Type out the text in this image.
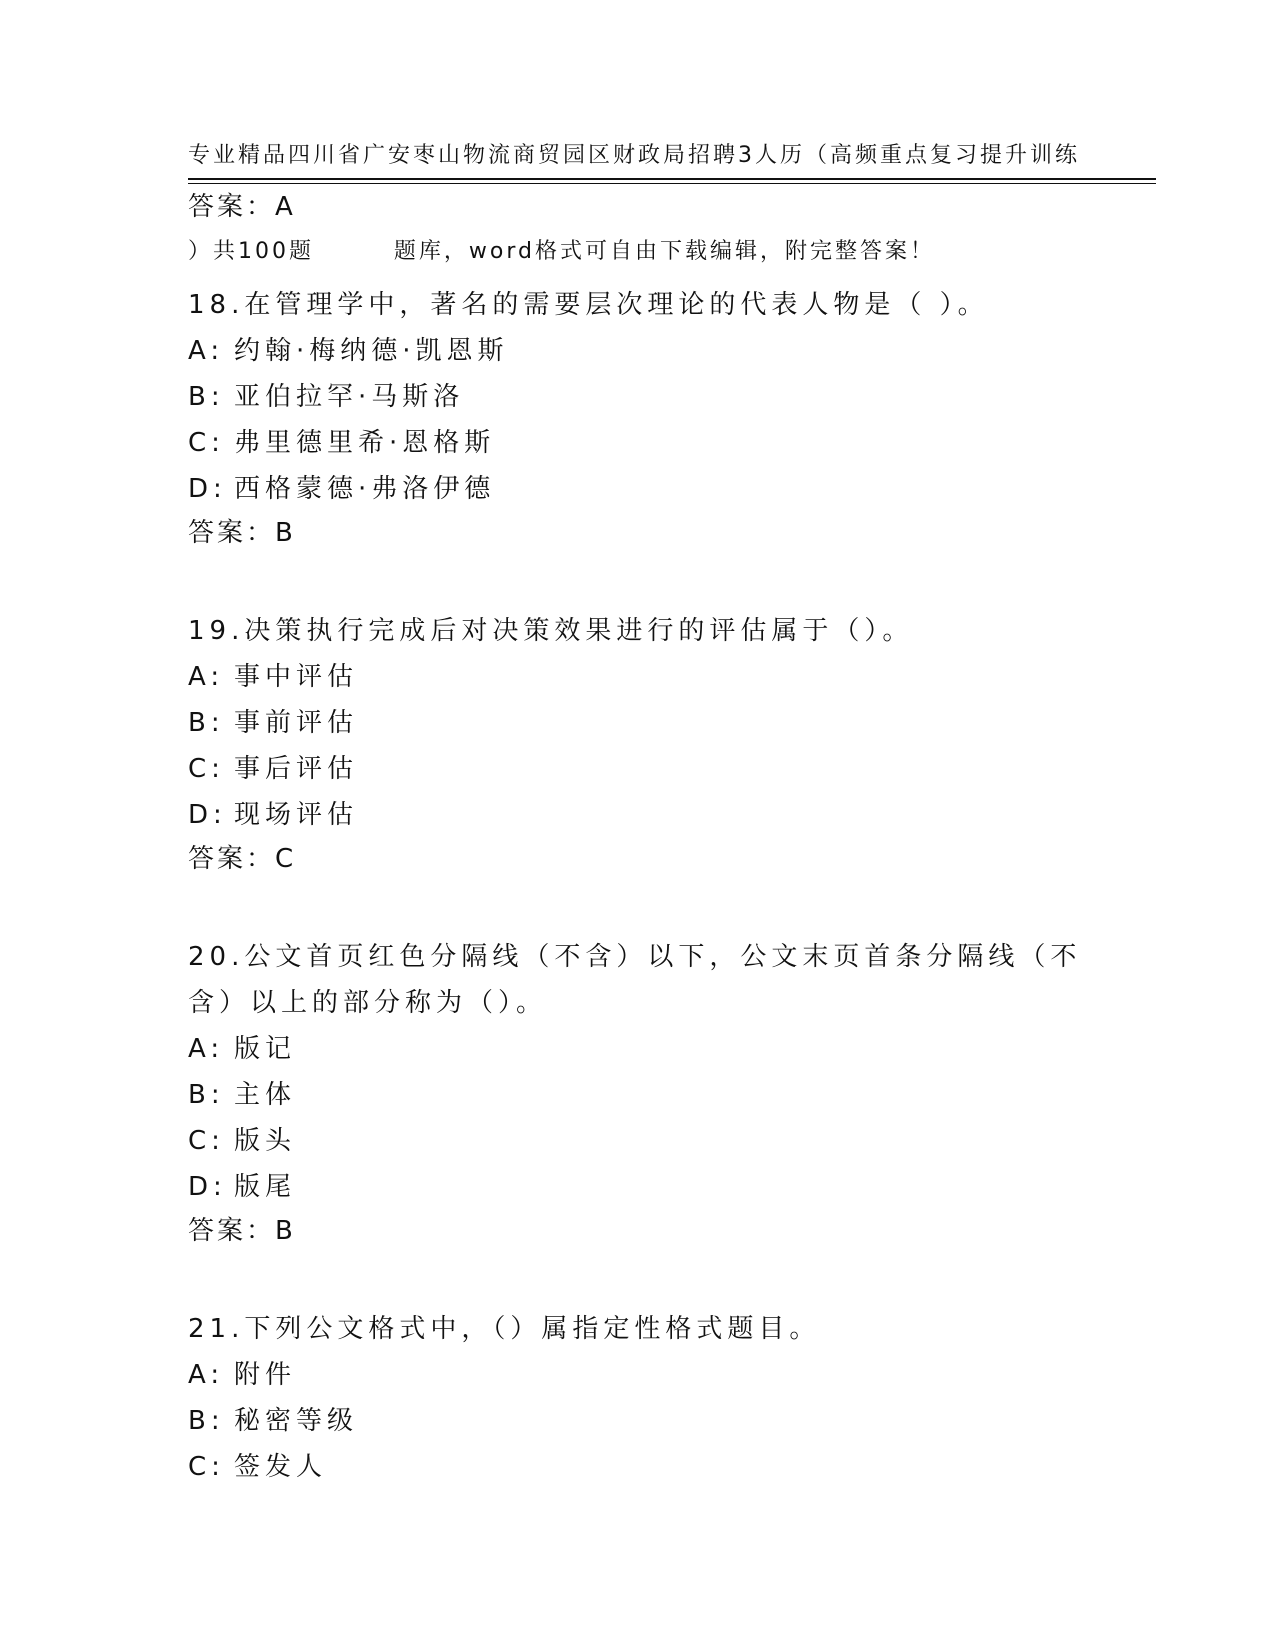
专业精品四川省广安枣山物流商贸园区财政局招聘3人历（高频重点复习提升训练

）共100题        题库，word格式可自由下载编辑，附完整答案！

答案：A
18.在管理学中，著名的需要层次理论的代表人物是（ ）。
A: 约翰·梅纳德·凯恩斯
B: 亚伯拉罕·马斯洛
C: 弗里德里希·恩格斯
D: 西格蒙德·弗洛伊德
答案：B
19.决策执行完成后对决策效果进行的评估属于（）。
A: 事中评估
B: 事前评估
C: 事后评估
D: 现场评估
答案：C
20.公文首页红色分隔线（不含）以下，公文末页首条分隔线（不含）以上的部分称为（）。
A: 版记
B: 主体
C: 版头
D: 版尾
答案：B
21.下列公文格式中，（）属指定性格式题目。
A: 附件
B: 秘密等级
C: 签发人
